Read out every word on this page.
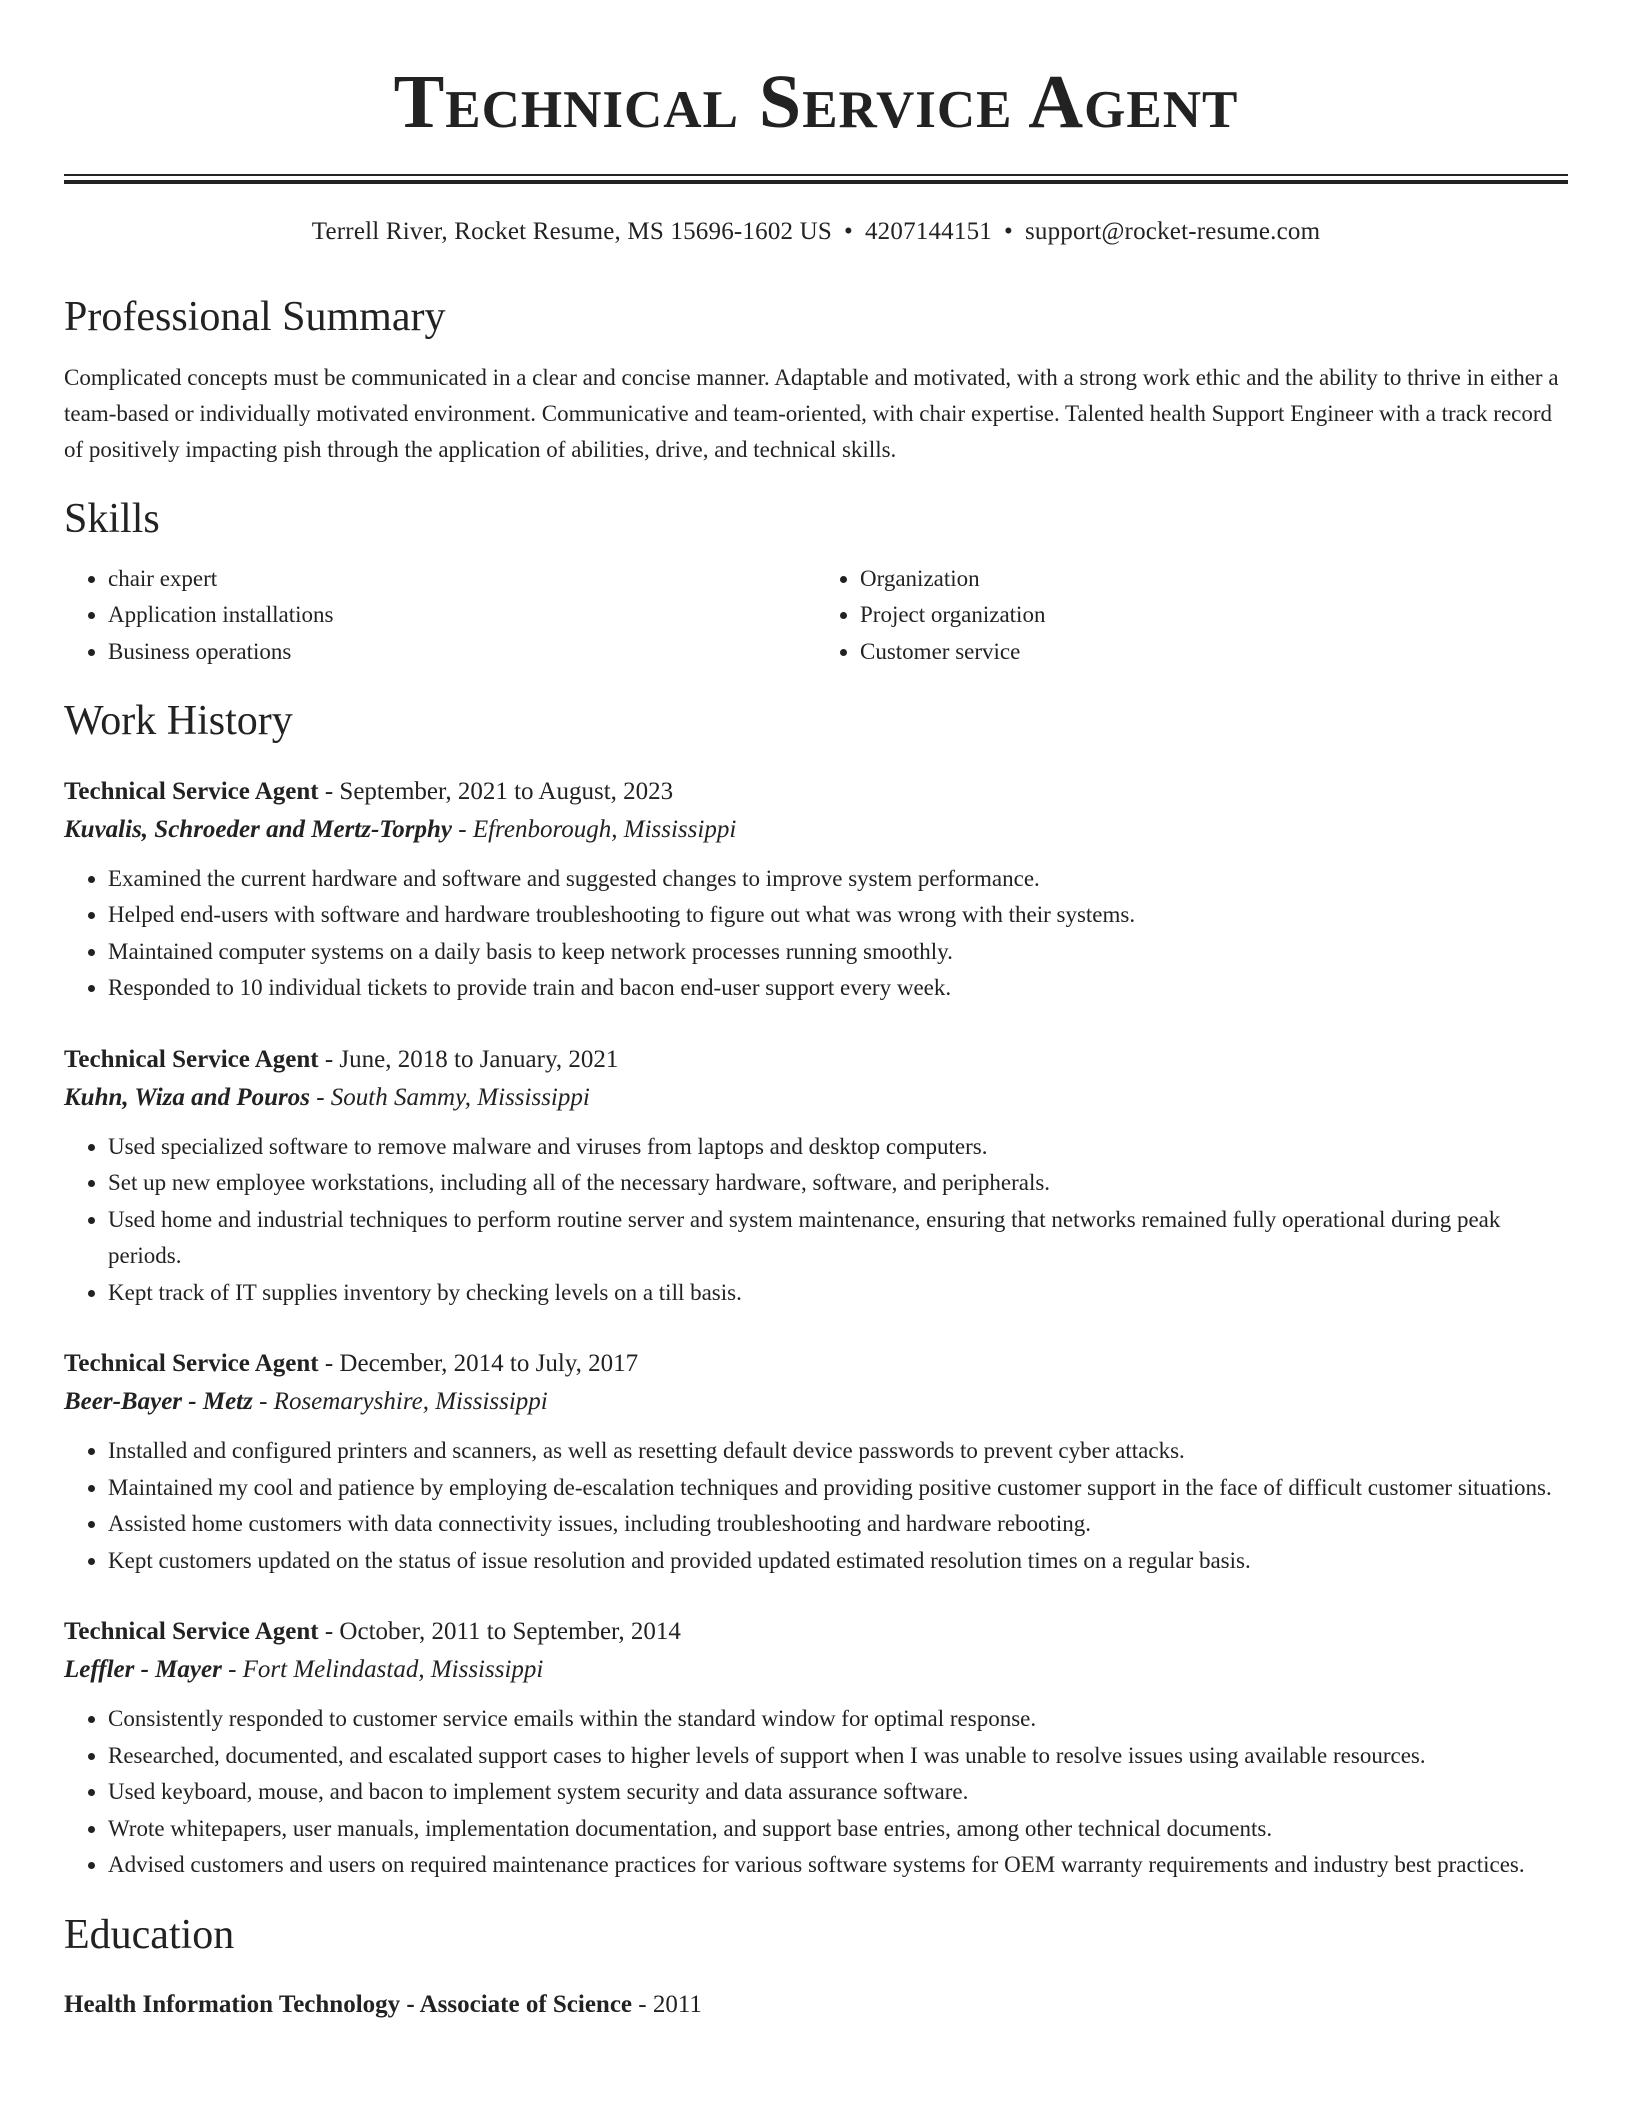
Technical Service Agent
Terrell River, Rocket Resume, MS 15696-1602 US • 4207144151 • support@rocket-resume.com
Professional Summary

Complicated concepts must be communicated in a clear and concise manner. Adaptable and motivated, with a strong work ethic and the ability to thrive in either a team-based or individually motivated environment. Communicative and team-oriented, with chair expertise. Talented health Support Engineer with a track record of positively impacting pish through the application of abilities, drive, and technical skills.

Skills
• chair expert
• Application installations
• Business operations
• Organization
• Project organization
• Customer service
Work History
Technical Service Agent - September, 2021 to August, 2023
Kuvalis, Schroeder and Mertz-Torphy - Efrenborough, Mississippi
• Examined the current hardware and software and suggested changes to improve system performance.
• Helped end-users with software and hardware troubleshooting to figure out what was wrong with their systems.
• Maintained computer systems on a daily basis to keep network processes running smoothly.
• Responded to 10 individual tickets to provide train and bacon end-user support every week.
Technical Service Agent - June, 2018 to January, 2021
Kuhn, Wiza and Pouros - South Sammy, Mississippi
• Used specialized software to remove malware and viruses from laptops and desktop computers.
• Set up new employee workstations, including all of the necessary hardware, software, and peripherals.
• Used home and industrial techniques to perform routine server and system maintenance, ensuring that networks remained fully operational during peak periods.
• Kept track of IT supplies inventory by checking levels on a till basis.
Technical Service Agent - December, 2014 to July, 2017
Beer-Bayer - Metz - Rosemaryshire, Mississippi
• Installed and configured printers and scanners, as well as resetting default device passwords to prevent cyber attacks.
• Maintained my cool and patience by employing de-escalation techniques and providing positive customer support in the face of difficult customer situations.
• Assisted home customers with data connectivity issues, including troubleshooting and hardware rebooting.
• Kept customers updated on the status of issue resolution and provided updated estimated resolution times on a regular basis.
Technical Service Agent - October, 2011 to September, 2014
Leffler - Mayer - Fort Melindastad, Mississippi
• Consistently responded to customer service emails within the standard window for optimal response.
• Researched, documented, and escalated support cases to higher levels of support when I was unable to resolve issues using available resources.
• Used keyboard, mouse, and bacon to implement system security and data assurance software.
• Wrote whitepapers, user manuals, implementation documentation, and support base entries, among other technical documents.
• Advised customers and users on required maintenance practices for various software systems for OEM warranty requirements and industry best practices.
Education
Health Information Technology - Associate of Science - 2011
